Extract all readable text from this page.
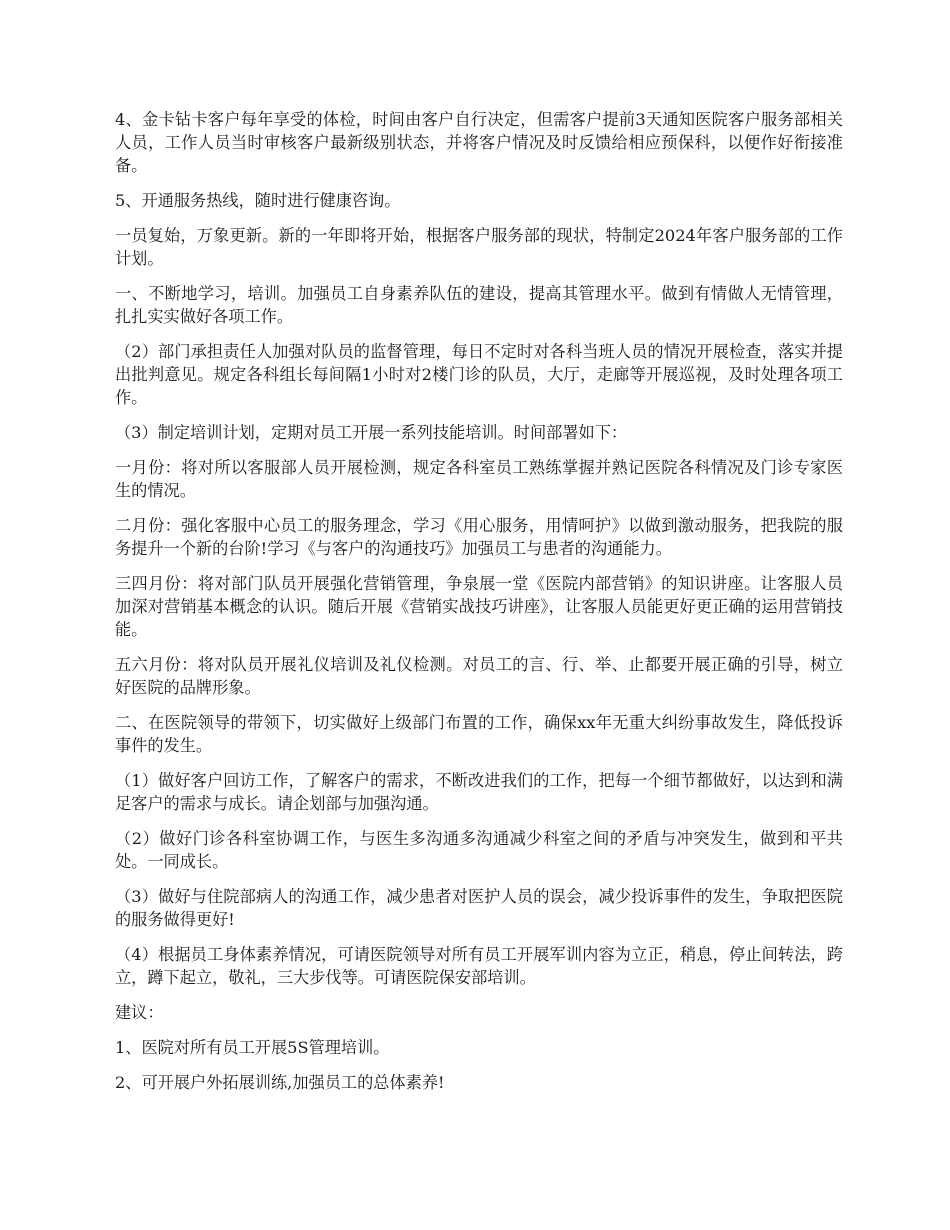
4、金卡钻卡客户每年享受的体检，时间由客户自行决定，但需客户提前3天通知医院客户服务部相关人员，工作人员当时审核客户最新级别状态，并将客户情况及时反馈给相应预保科，以便作好衔接准备。

5、开通服务热线，随时进行健康咨询。

一员复始，万象更新。新的一年即将开始，根据客户服务部的现状，特制定2024年客户服务部的工作计划。

一、不断地学习，培训。加强员工自身素养队伍的建设，提高其管理水平。做到有情做人无情管理，扎扎实实做好各项工作。

（2）部门承担责任人加强对队员的监督管理，每日不定时对各科当班人员的情况开展检查，落实并提出批判意见。规定各科组长每间隔1小时对2楼门诊的队员，大厅，走廊等开展巡视，及时处理各项工作。

（3）制定培训计划，定期对员工开展一系列技能培训。时间部署如下：

一月份：将对所以客服部人员开展检测，规定各科室员工熟练掌握并熟记医院各科情况及门诊专家医生的情况。

二月份：强化客服中心员工的服务理念，学习《用心服务，用情呵护》以做到激动服务，把我院的服务提升一个新的台阶!学习《与客户的沟通技巧》加强员工与患者的沟通能力。

三四月份：将对部门队员开展强化营销管理，争泉展一堂《医院内部营销》的知识讲座。让客服人员加深对营销基本概念的认识。随后开展《营销实战技巧讲座》，让客服人员能更好更正确的运用营销技能。

五六月份：将对队员开展礼仪培训及礼仪检测。对员工的言、行、举、止都要开展正确的引导，树立好医院的品牌形象。

二、在医院领导的带领下，切实做好上级部门布置的工作，确保xx年无重大纠纷事故发生，降低投诉事件的发生。

（1）做好客户回访工作，了解客户的需求，不断改进我们的工作，把每一个细节都做好，以达到和满足客户的需求与成长。请企划部与加强沟通。

（2）做好门诊各科室协调工作，与医生多沟通多沟通减少科室之间的矛盾与冲突发生，做到和平共处。一同成长。

（3）做好与住院部病人的沟通工作，减少患者对医护人员的误会，减少投诉事件的发生，争取把医院的服务做得更好!

（4）根据员工身体素养情况，可请医院领导对所有员工开展军训内容为立正，稍息，停止间转法，跨立，蹲下起立，敬礼，三大步伐等。可请医院保安部培训。

建议：

1、医院对所有员工开展5S管理培训。

2、可开展户外拓展训练,加强员工的总体素养!
